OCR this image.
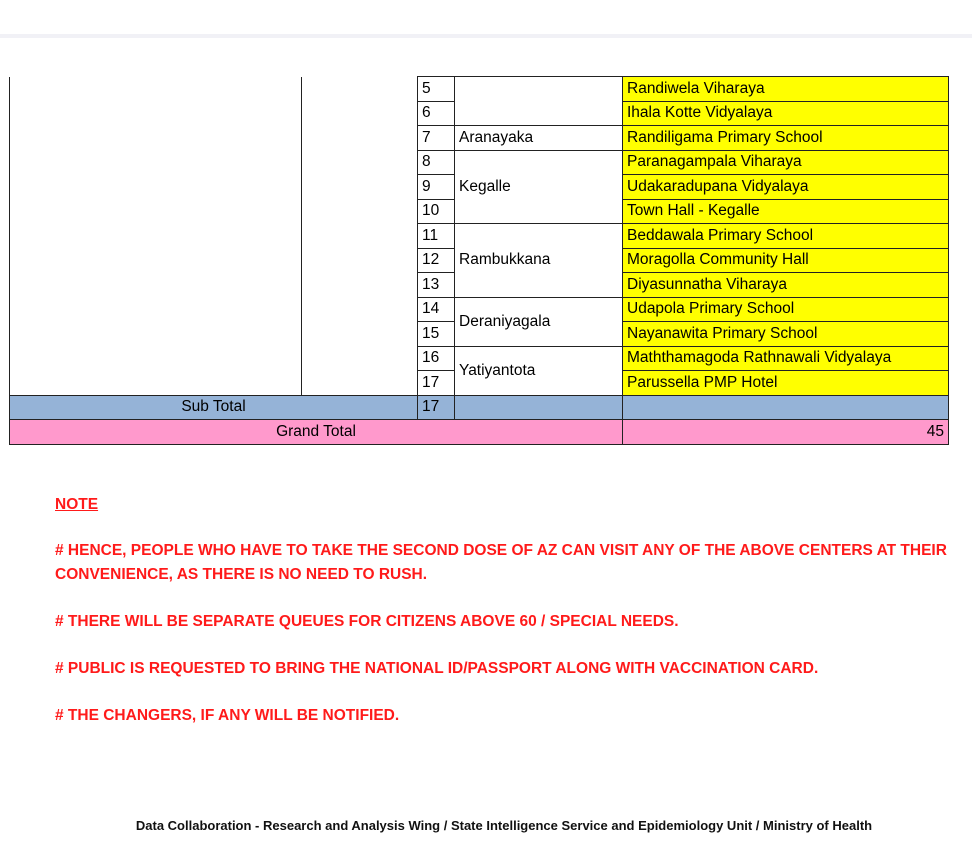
		5		Randiwela Viharaya
		6		Ihala Kotte Vidyalaya
		7	Aranayaka	Randiligama Primary School
		8	Kegalle	Paranagampala Viharaya
		9		Udakaradupana Vidyalaya
		10		Town Hall - Kegalle
		11	Rambukkana	Beddawala Primary School
		12		Moragolla Community Hall
		13		Diyasunnatha Viharaya
		14	Deraniyagala	Udapola Primary School
		15		Nayanawita Primary School
		16	Yatiyantota	Maththamagoda Rathnawali Vidyalaya
		17		Parussella PMP Hotel
Sub Total		17		
Grand Total				45
NOTE

# HENCE, PEOPLE WHO HAVE TO TAKE THE SECOND DOSE OF AZ CAN VISIT ANY OF THE ABOVE CENTERS AT THEIR CONVENIENCE, AS THERE IS NO NEED TO RUSH.

# THERE WILL BE SEPARATE QUEUES FOR CITIZENS ABOVE 60 / SPECIAL NEEDS.

# PUBLIC IS REQUESTED TO BRING THE NATIONAL ID/PASSPORT ALONG WITH VACCINATION CARD.

# THE CHANGERS, IF ANY WILL BE NOTIFIED.

Data Collaboration - Research and Analysis Wing / State Intelligence Service and Epidemiology Unit / Ministry of Health
